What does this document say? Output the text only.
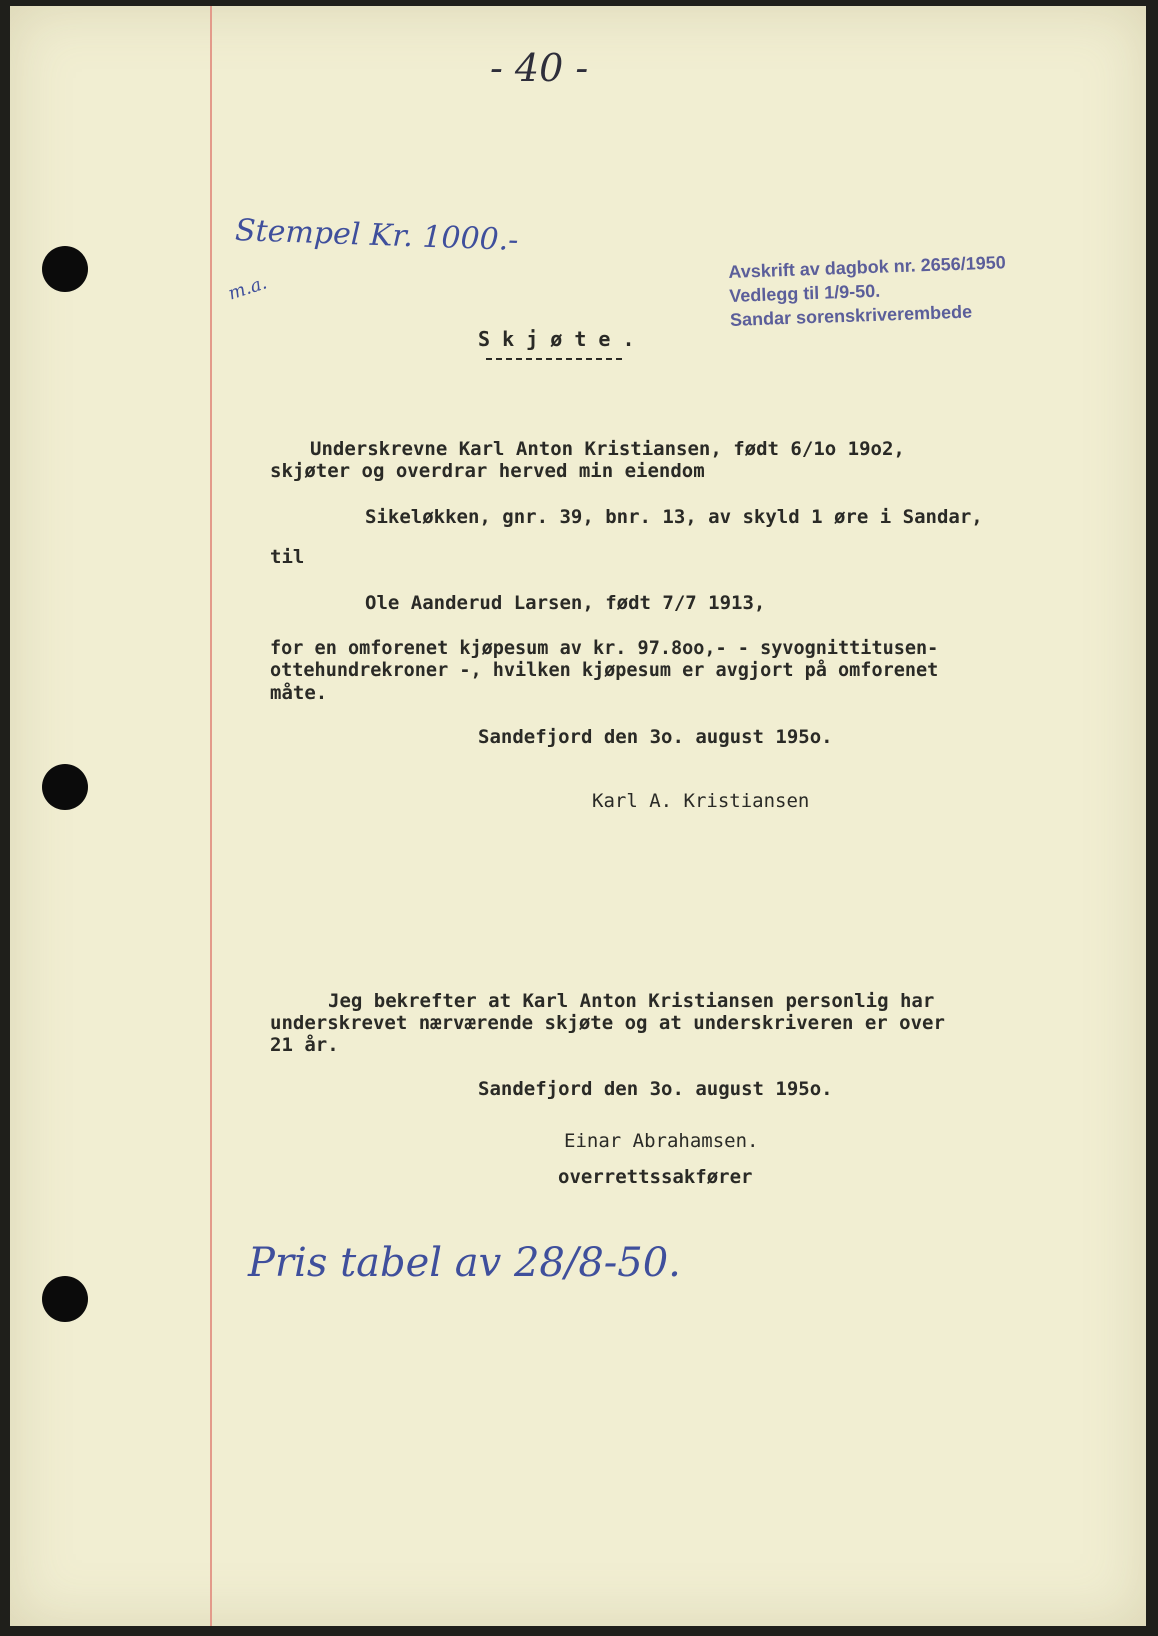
- 40 -
Stempel Kr. 1000.-
m.a.
Avskrift av dagbok nr. 2656/1950
Vedlegg til 1/9-50.
Sandar sorenskriverembede
S k j ø t e .
Underskrevne Karl Anton Kristiansen, født 6/1o 19o2,
skjøter og overdrar herved min eiendom
Sikeløkken, gnr. 39, bnr. 13, av skyld 1 øre i Sandar,
til
Ole Aanderud Larsen, født 7/7 1913,
for en omforenet kjøpesum av kr. 97.8oo,- - syvognittitusen-
ottehundrekroner -, hvilken kjøpesum er avgjort på omforenet
måte.
Sandefjord den 3o. august 195o.
Karl A. Kristiansen
Jeg bekrefter at Karl Anton Kristiansen personlig har
underskrevet nærværende skjøte og at underskriveren er over
21 år.
Sandefjord den 3o. august 195o.
Einar Abrahamsen.
overrettssakfører
Pris tabel av 28/8-50.
